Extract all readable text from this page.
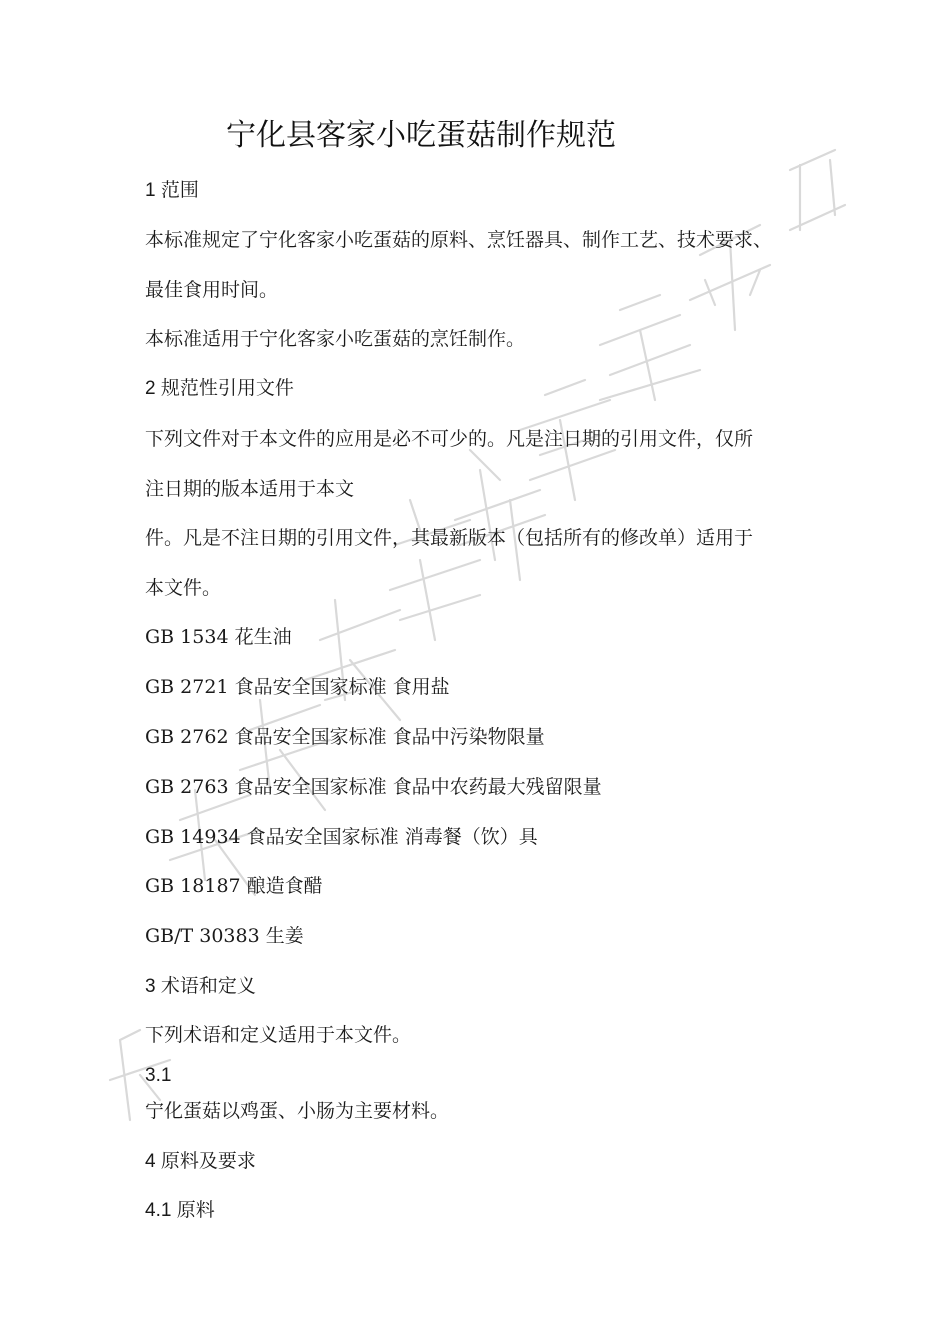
宁化县客家小吃蛋菇制作规范

1 范围

本标准规定了宁化客家小吃蛋菇的原料、烹饪器具、制作工艺、技术要求、

最佳食用时间。

本标准适用于宁化客家小吃蛋菇的烹饪制作。

2 规范性引用文件

下列文件对于本文件的应用是必不可少的。凡是注日期的引用文件，仅所

注日期的版本适用于本文

件。凡是不注日期的引用文件，其最新版本（包括所有的修改单）适用于

本文件。

GB 1534 花生油

GB 2721 食品安全国家标准 食用盐

GB 2762 食品安全国家标准 食品中污染物限量

GB 2763 食品安全国家标准 食品中农药最大残留限量

GB 14934 食品安全国家标准 消毒餐（饮）具

GB 18187 酿造食醋

GB/T 30383 生姜

3 术语和定义

下列术语和定义适用于本文件。

3.1

宁化蛋菇以鸡蛋、小肠为主要材料。

4 原料及要求

4.1 原料
